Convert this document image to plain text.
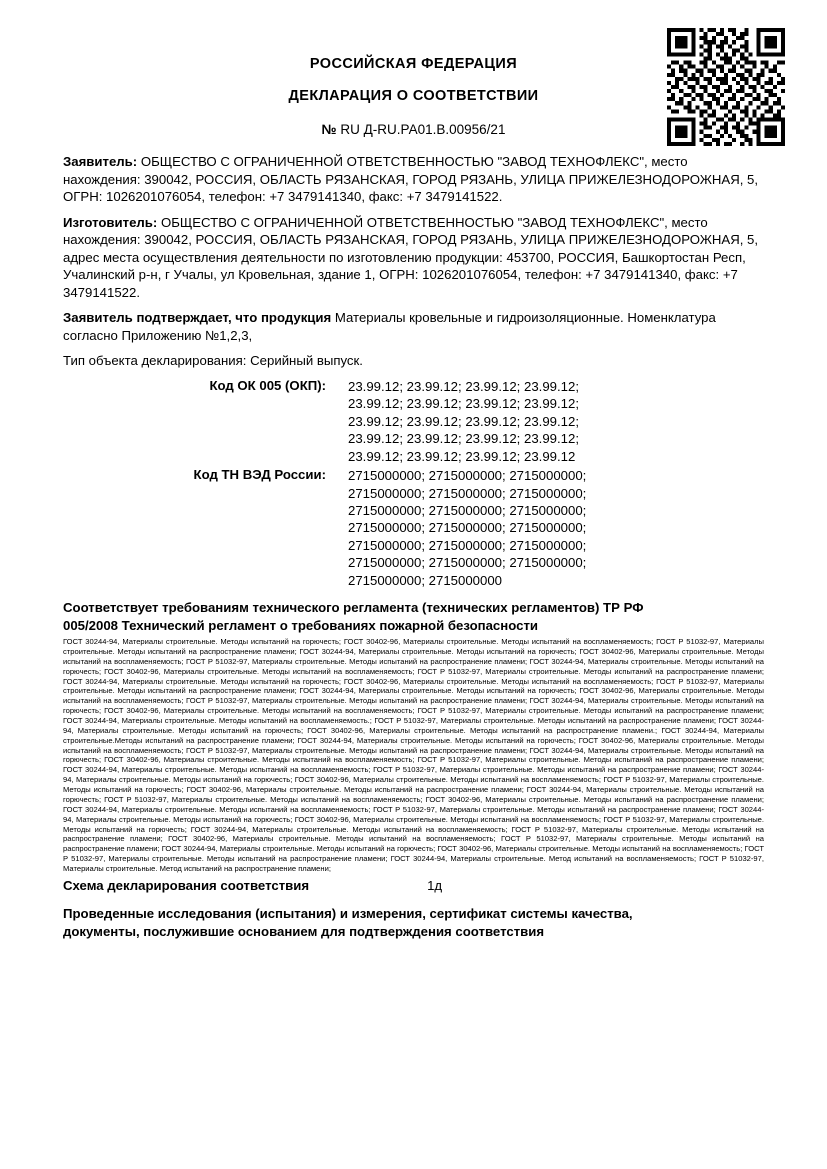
РОССИЙСКАЯ ФЕДЕРАЦИЯ
ДЕКЛАРАЦИЯ О СООТВЕТСТВИИ
№ RU Д-RU.РА01.В.00956/21
Заявитель: ОБЩЕСТВО С ОГРАНИЧЕННОЙ ОТВЕТСТВЕННОСТЬЮ "ЗАВОД ТЕХНОФЛЕКС", место нахождения: 390042, РОССИЯ, ОБЛАСТЬ РЯЗАНСКАЯ, ГОРОД РЯЗАНЬ, УЛИЦА ПРИЖЕЛЕЗНОДОРОЖНАЯ, 5, ОГРН: 1026201076054, телефон: +7 3479141340, факс: +7 3479141522.
Изготовитель: ОБЩЕСТВО С ОГРАНИЧЕННОЙ ОТВЕТСТВЕННОСТЬЮ "ЗАВОД ТЕХНОФЛЕКС", место нахождения: 390042, РОССИЯ, ОБЛАСТЬ РЯЗАНСКАЯ, ГОРОД РЯЗАНЬ, УЛИЦА ПРИЖЕЛЕЗНОДОРОЖНАЯ, 5, адрес места осуществления деятельности по изготовлению продукции: 453700, РОССИЯ, Башкортостан Респ, Учалинский р-н, г Учалы, ул Кровельная, здание 1, ОГРН: 1026201076054, телефон: +7 3479141340, факс: +7 3479141522.
Заявитель подтверждает, что продукция Материалы кровельные и гидроизоляционные. Номенклатура согласно Приложению №1,2,3,
Тип объекта декларирования: Серийный выпуск.
Код ОК 005 (ОКП):	23.99.12; 23.99.12; 23.99.12; 23.99.12;
23.99.12; 23.99.12; 23.99.12; 23.99.12;
23.99.12; 23.99.12; 23.99.12; 23.99.12;
23.99.12; 23.99.12; 23.99.12; 23.99.12;
23.99.12; 23.99.12; 23.99.12; 23.99.12
Код ТН ВЭД России:	2715000000; 2715000000; 2715000000;
2715000000; 2715000000; 2715000000;
2715000000; 2715000000; 2715000000;
2715000000; 2715000000; 2715000000;
2715000000; 2715000000; 2715000000;
2715000000; 2715000000; 2715000000;
2715000000; 2715000000
Соответствует требованиям технического регламента (технических регламентов) ТР РФ
005/2008 Технический регламент о требованиях пожарной безопасности
ГОСТ 30244-94, Материалы строительные. Методы испытаний на горючесть; ГОСТ 30402-96, Материалы строительные. Методы испытаний на воспламеняемость; ГОСТ Р 51032-97, Материалы строительные. Методы испытаний на распространение пламени; ГОСТ 30244-94, Материалы строительные. Методы испытаний на горючесть; ГОСТ 30402-96, Материалы строительные. Методы испытаний на воспламеняемость; ГОСТ Р 51032-97, Материалы строительные. Методы испытаний на распространение пламени; ГОСТ 30244-94, Материалы строительные. Методы испытаний на горючесть; ГОСТ 30402-96, Материалы строительные. Методы испытаний на воспламеняемость; ГОСТ Р 51032-97, Материалы строительные. Методы испытаний на распространение пламени; ГОСТ 30244-94, Материалы строительные. Методы испытаний на горючесть; ГОСТ 30402-96, Материалы строительные. Методы испытаний на воспламеняемость; ГОСТ Р 51032-97, Материалы строительные. Методы испытаний на распространение пламени; ГОСТ 30244-94, Материалы строительные. Методы испытаний на горючесть; ГОСТ 30402-96, Материалы строительные. Методы испытаний на воспламеняемость; ГОСТ Р 51032-97, Материалы строительные. Методы испытаний на распространение пламени; ГОСТ 30244-94, Материалы строительные. Методы испытаний на горючесть; ГОСТ 30402-96, Материалы строительные. Методы испытаний на воспламеняемость; ГОСТ Р 51032-97, Материалы строительные. Методы испытаний на распространение пламени; ГОСТ 30244-94, Материалы строительные. Методы испытаний на воспламеняемость.; ГОСТ Р 51032-97, Материалы строительные. Методы испытаний на распространение пламени; ГОСТ 30244-94, Материалы строительные. Методы испытаний на горючесть; ГОСТ 30402-96, Материалы строительные. Методы испытаний на распространение пламени.; ГОСТ 30244-94, Материалы строительные.Методы испытаний на распространение пламени; ГОСТ 30244-94, Материалы строительные. Методы испытаний на горючесть; ГОСТ 30402-96, Материалы строительные. Методы испытаний на воспламеняемость; ГОСТ Р 51032-97, Материалы строительные. Методы испытаний на распространение пламени; ГОСТ 30244-94, Материалы строительные. Методы испытаний на горючесть; ГОСТ 30402-96, Материалы строительные. Методы испытаний на воспламеняемость; ГОСТ Р 51032-97, Материалы строительные. Методы испытаний на распространение пламени; ГОСТ 30244-94, Материалы строительные. Методы испытаний на воспламеняемость; ГОСТ Р 51032-97, Материалы строительные. Методы испытаний на распространение пламени; ГОСТ 30244-94, Материалы строительные. Методы испытаний на горючесть; ГОСТ 30402-96, Материалы строительные. Методы испытаний на воспламеняемость; ГОСТ Р 51032-97, Материалы строительные. Методы испытаний на горючесть; ГОСТ 30402-96, Материалы строительные. Методы испытаний на распространение пламени; ГОСТ 30244-94, Материалы строительные. Методы испытаний на горючесть; ГОСТ Р 51032-97, Материалы строительные. Методы испытаний на воспламеняемость; ГОСТ 30402-96, Материалы строительные. Методы испытаний на распространение пламени; ГОСТ 30244-94, Материалы строительные. Методы испытаний на воспламеняемость; ГОСТ Р 51032-97, Материалы строительные. Методы испытаний на распространение пламени; ГОСТ 30244-94, Материалы строительные. Методы испытаний на горючесть; ГОСТ 30402-96, Материалы строительные. Методы испытаний на воспламеняемость; ГОСТ Р 51032-97, Материалы строительные. Методы испытаний на горючесть; ГОСТ 30244-94, Материалы строительные. Методы испытаний на воспламеняемость; ГОСТ Р 51032-97, Материалы строительные. Методы испытаний на распространение пламени; ГОСТ 30402-96, Материалы строительные. Методы испытаний на воспламеняемость; ГОСТ Р 51032-97, Материалы строительные. Методы испытаний на распространение пламени; ГОСТ 30244-94, Материалы строительные. Методы испытаний на горючесть; ГОСТ 30402-96, Материалы строительные. Методы испытаний на воспламеняемость; ГОСТ Р 51032-97, Материалы строительные. Методы испытаний на распространение пламени; ГОСТ 30244-94, Материалы строительные. Метод испытаний на воспламеняемость; ГОСТ Р 51032-97, Материалы строительные. Метод испытаний на распространение пламени;
Схема декларирования соответствия	1д
Проведенные исследования (испытания) и измерения, сертификат системы качества,
документы, послужившие основанием для подтверждения соответствия
